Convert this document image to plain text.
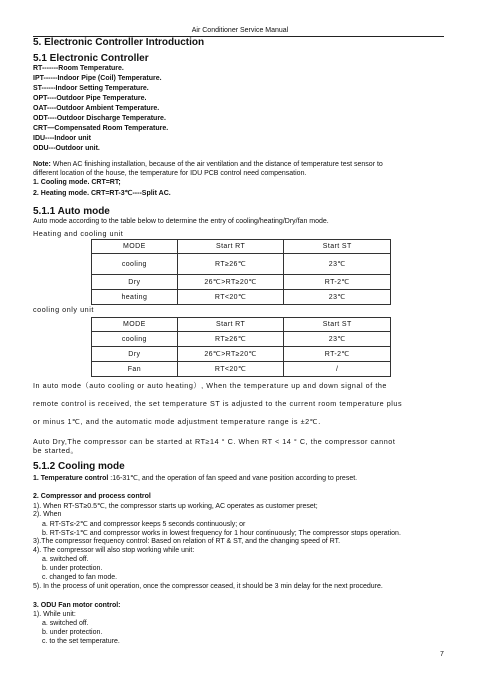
Air Conditioner Service Manual
5. Electronic Controller Introduction
5.1 Electronic Controller
RT-------Room Temperature.
IPT------Indoor Pipe (Coil) Temperature.
ST------Indoor Setting Temperature.
OPT----Outdoor Pipe Temperature.
OAT----Outdoor Ambient Temperature.
ODT----Outdoor Discharge Temperature.
CRT—Compensated Room Temperature.
IDU----Indoor unit
ODU---Outdoor unit.
Note: When AC finishing installation, because of the air ventilation and the distance of temperature test sensor to
different location of the house, the temperature for IDU PCB control need compensation.
1. Cooling mode. CRT=RT;
2. Heating mode. CRT=RT-3℃----Split AC.
5.1.1 Auto mode
Auto mode according to the table below to determine the entry of cooling/heating/Dry/fan mode.
Heating and cooling unit
MODE	Start RT	Start ST
cooling	RT≥26℃	23℃
Dry	26℃>RT≥20℃	RT-2℃
heating	RT<20℃	23℃
cooling only unit
MODE	Start RT	Start ST
cooling	RT≥26℃	23℃
Dry	26℃>RT≥20℃	RT-2℃
Fan	RT<20℃	/
In auto mode（auto cooling or auto heating）, When the temperature up and down signal of the
remote control is received, the set temperature ST is adjusted to the current room temperature plus
or minus 1℃, and the automatic mode adjustment temperature range is ±2℃.
Auto Dry,The compressor can be started at RT≥14 ° C. When RT < 14 ° C, the compressor cannot
be started。
5.1.2 Cooling mode
1. Temperature control :16-31℃, and the operation of fan speed and vane position according to preset.
2. Compressor and process control
1). When RT-ST≥0.5℃, the compressor starts up working, AC operates as customer preset;
2). When
a. RT-ST≤-2℃ and compressor keeps 5 seconds continuously; or
b. RT-ST≤-1℃ and compressor works in lowest frequency for 1 hour continuously; The compressor stops operation.
3).The compressor frequency control: Based on relation of RT & ST, and the changing speed of RT.
4). The compressor will also stop working while unit:
a. switched off.
b. under protection.
c. changed to fan mode.
5). In the process of unit operation, once the compressor ceased, it should be 3 min delay for the next procedure.
3. ODU Fan motor control:
1). While unit:
a. switched off.
b. under protection.
c. to the set temperature.
7
